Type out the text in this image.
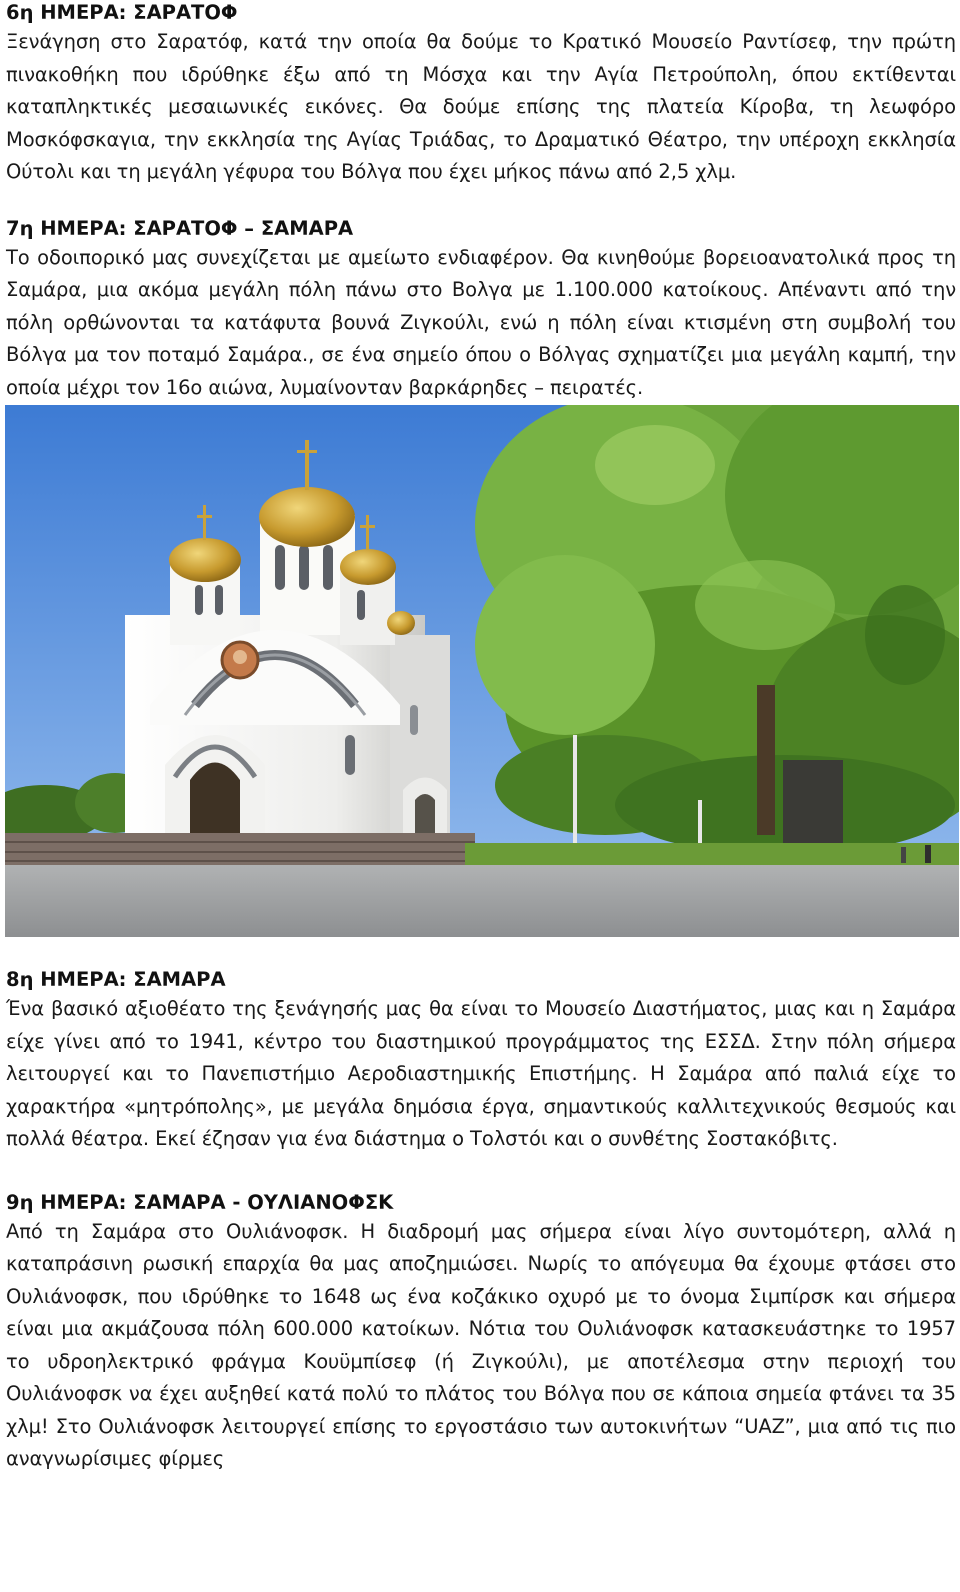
6η ΗΜΕΡΑ: ΣΑΡΑΤΟΦ

Ξενάγηση στο Σαρατόφ, κατά την οποία θα δούμε το Κρατικό Μουσείο Ραντίσεφ, την πρώτη πινακοθήκη που ιδρύθηκε έξω από τη Μόσχα και την Αγία Πετρούπολη, όπου εκτίθενται καταπληκτικές μεσαιωνικές εικόνες. Θα δούμε επίσης της πλατεία Κίροβα, τη λεωφόρο Μοσκόφσκαγια, την εκκλησία της Αγίας Τριάδας, το Δραματικό Θέατρο, την υπέροχη εκκλησία Ούτολι και τη μεγάλη γέφυρα του Βόλγα που έχει μήκος πάνω από 2,5 χλμ.

7η ΗΜΕΡΑ: ΣΑΡΑΤΟΦ – ΣΑΜΑΡΑ

Το οδοιπορικό μας συνεχίζεται με αμείωτο ενδιαφέρον. Θα κινηθούμε βορειοανατολικά προς τη Σαμάρα, μια ακόμα μεγάλη πόλη πάνω στο Βολγα με 1.100.000 κατοίκους. Απέναντι από την πόλη ορθώνονται τα κατάφυτα βουνά Ζιγκούλι, ενώ η πόλη είναι κτισμένη στη συμβολή του Βόλγα μα τον ποταμό Σαμάρα., σε ένα σημείο όπου ο Βόλγας σχηματίζει μια μεγάλη καμπή, την οποία μέχρι τον 16ο αιώνα, λυμαίνονταν βαρκάρηδες – πειρατές.

8η ΗΜΕΡΑ: ΣΑΜΑΡΑ

Ένα βασικό αξιοθέατο της ξενάγησής μας θα είναι το Μουσείο Διαστήματος, μιας και η Σαμάρα είχε γίνει από το 1941, κέντρο του διαστημικού προγράμματος της ΕΣΣΔ. Στην πόλη σήμερα λειτουργεί και το Πανεπιστήμιο Αεροδιαστημικής Επιστήμης. Η Σαμάρα από παλιά είχε το χαρακτήρα «μητρόπολης», με μεγάλα δημόσια έργα, σημαντικούς καλλιτεχνικούς θεσμούς και πολλά θέατρα. Εκεί έζησαν για ένα διάστημα ο Τολστόι και ο συνθέτης Σοστακόβιτς.

9η ΗΜΕΡΑ: ΣΑΜΑΡΑ - ΟΥΛΙΑΝΟΦΣΚ

Από τη Σαμάρα στο Ουλιάνοφσκ. Η διαδρομή μας σήμερα είναι λίγο συντομότερη, αλλά η καταπράσινη ρωσική επαρχία θα μας αποζημιώσει. Νωρίς το απόγευμα θα έχουμε φτάσει στο Ουλιάνοφσκ, που ιδρύθηκε το 1648 ως ένα κοζάκικο οχυρό με το όνομα Σιμπίρσκ και σήμερα είναι μια ακμάζουσα πόλη 600.000 κατοίκων. Νότια του Ουλιάνοφσκ κατασκευάστηκε το 1957 το υδροηλεκτρικό φράγμα Κουϋμπίσεφ (ή Ζιγκούλι), με αποτέλεσμα στην περιοχή του Ουλιάνοφσκ να έχει αυξηθεί κατά πολύ το πλάτος του Βόλγα που σε κάποια σημεία φτάνει τα 35 χλμ! Στο Ουλιάνοφσκ λειτουργεί επίσης το εργοστάσιο των αυτοκινήτων “UAZ”, μια από τις πιο αναγνωρίσιμες φίρμες
